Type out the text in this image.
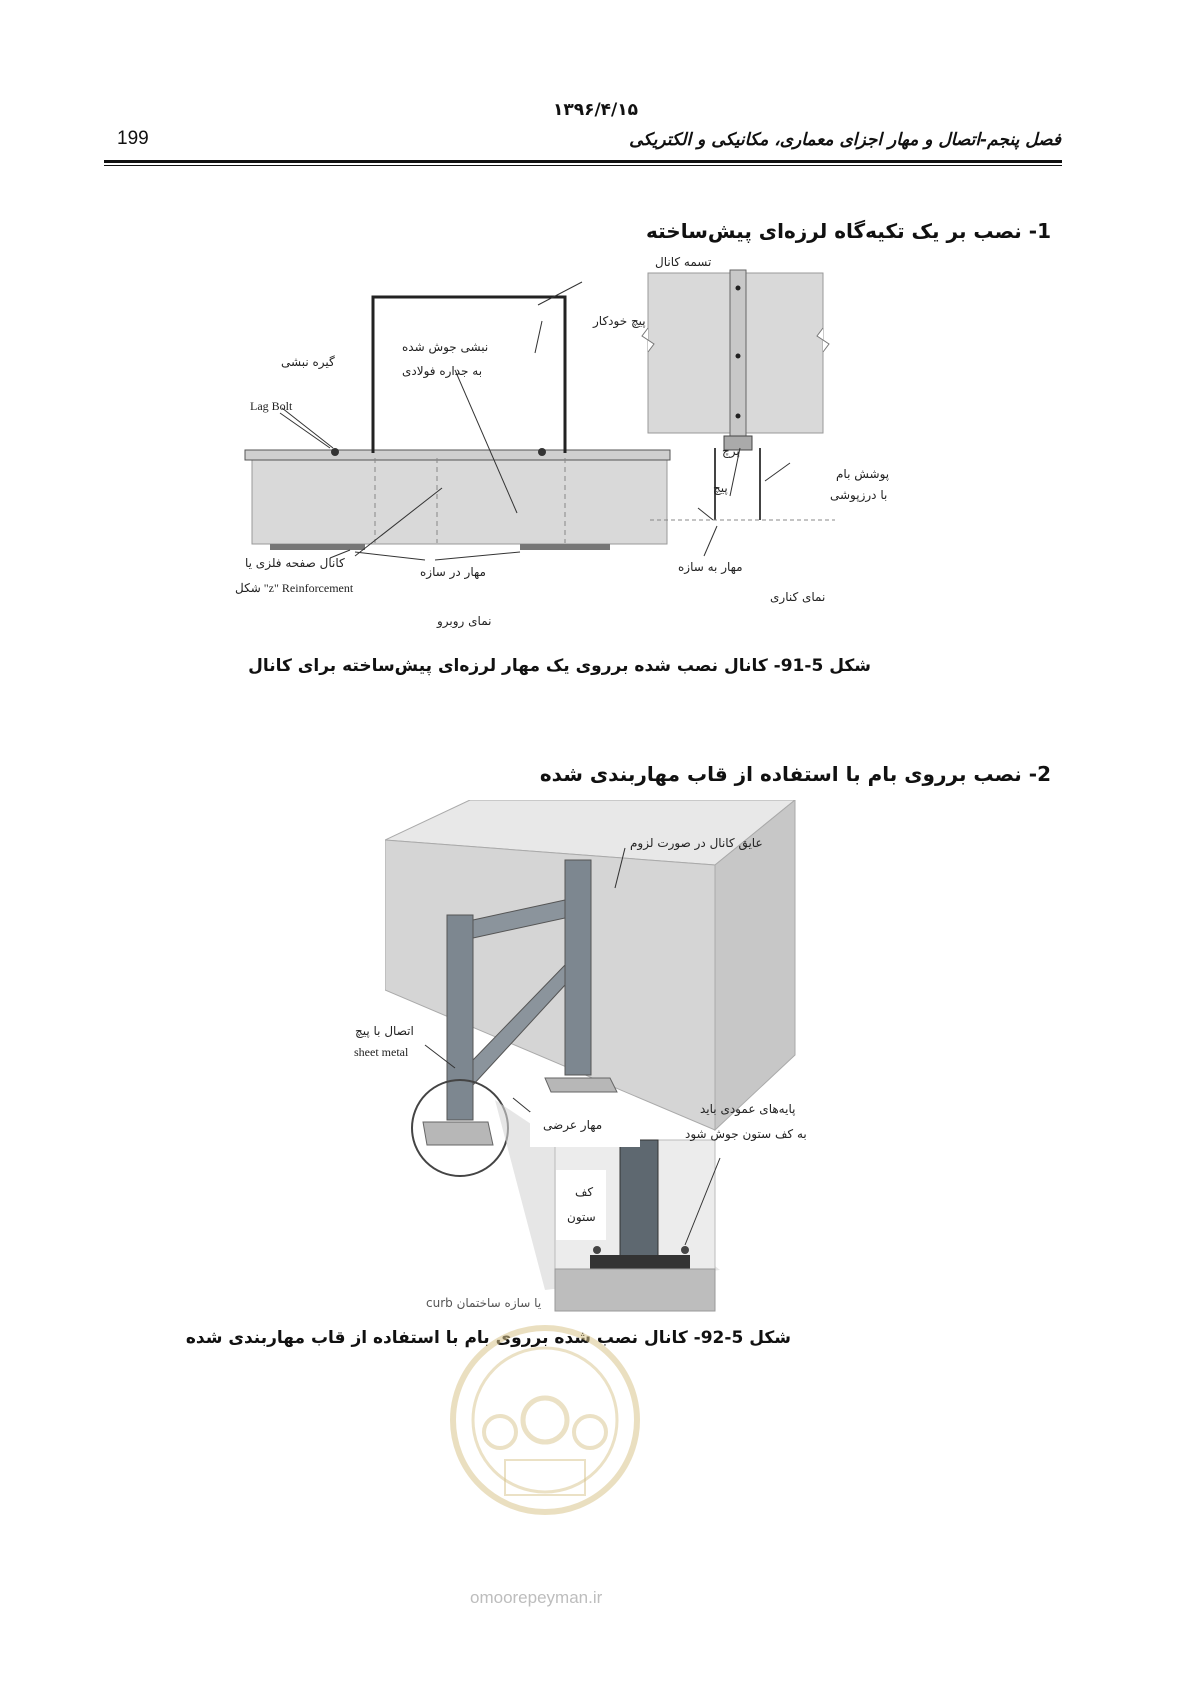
۱۳۹۶/۴/۱۵
199	فصل پنجم-اتصال و مهار اجزای معماری، مکانیکی و الکتریکی
1- نصب بر یک تکیه‌گاه لرزه‌ای پیش‌ساخته
تسمه کانال
پیچ خودکار
نبشی جوش شده
به جداره فولادی
گیره نبشی
Lag Bolt
پرچ
پیچ
پوشش بام
با درزپوشی
کانال صفحه فلزی یا
شکل "z" Reinforcement
مهار در سازه	مهار به سازه
نمای کناری
نمای روبرو
شکل 5-91- کانال نصب شده برروی یک مهار لرزه‌ای پیش‌ساخته برای کانال
2- نصب برروی بام با استفاده از قاب مهاربندی شده
عایق کانال در صورت لزوم
اتصال با پیچ
sheet metal
مهار عرضی
پایه‌های عمودی باید
به کف ستون جوش شود
کف
ستون
curb یا سازه ساختمان
شکل 5-92- کانال نصب شده برروی بام با استفاده از قاب مهاربندی شده
omoorepeyman.ir
